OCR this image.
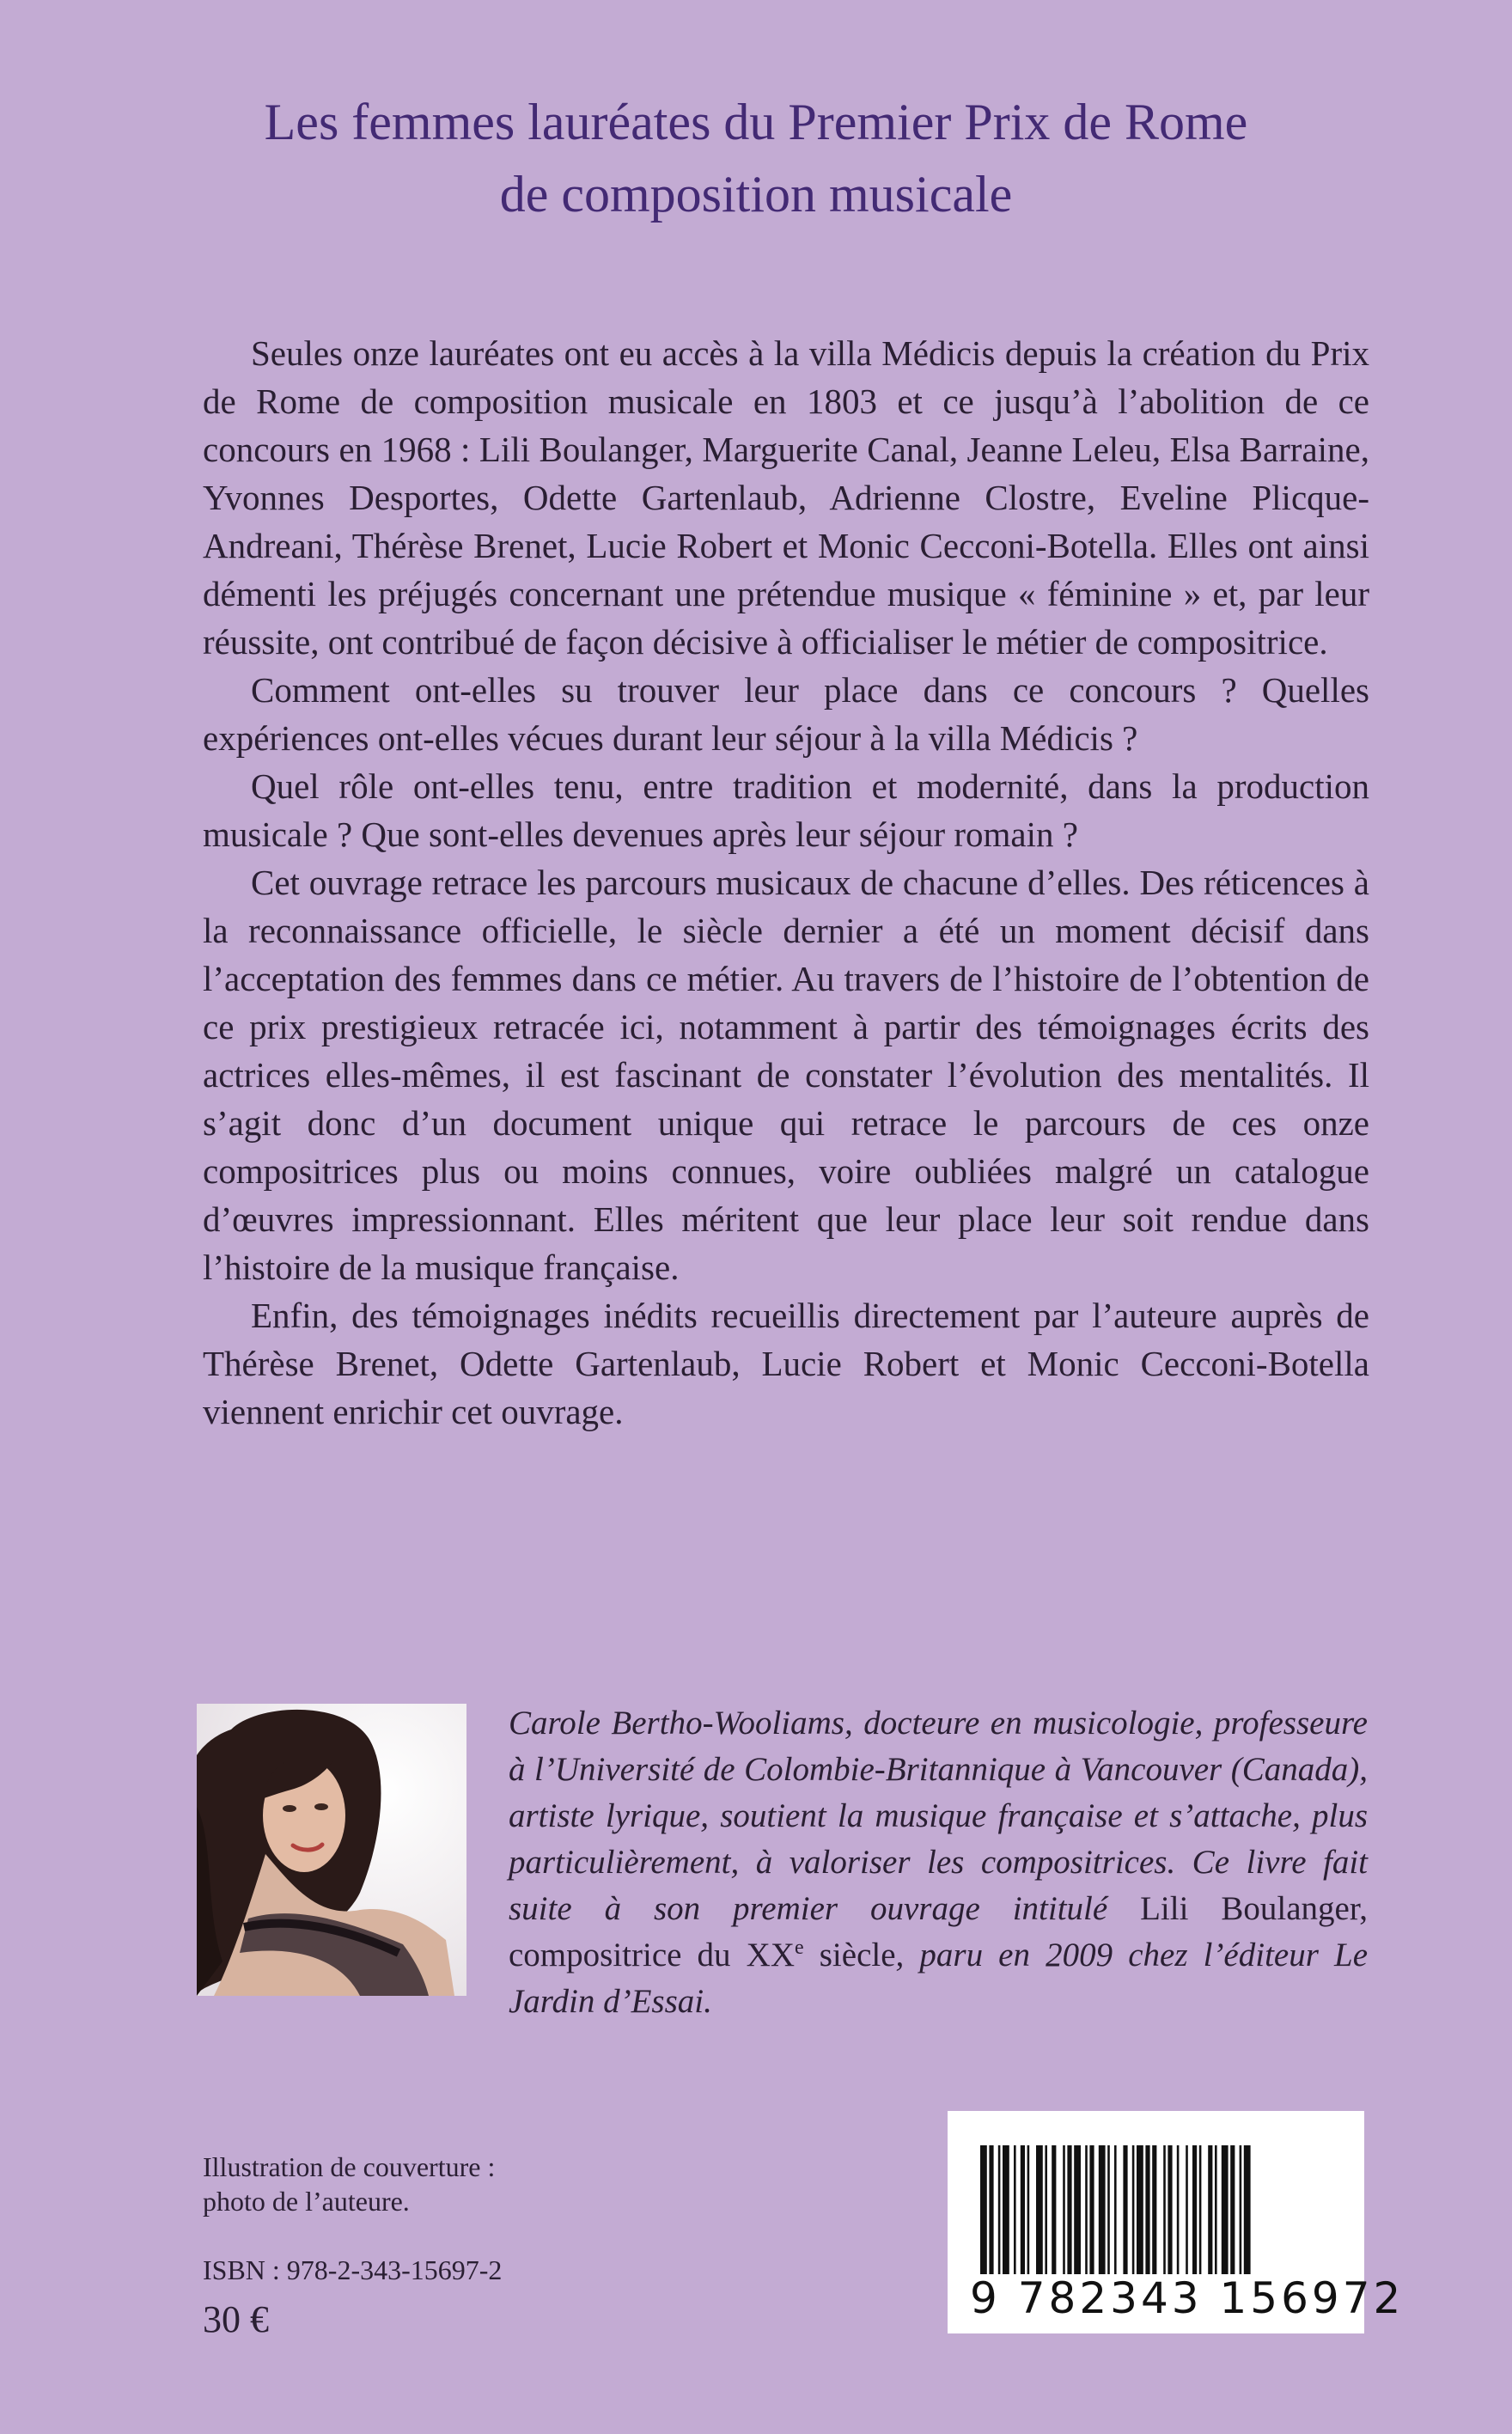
Les femmes lauréates du Premier Prix de Rome
de composition musicale

Seules onze lauréates ont eu accès à la villa Médicis depuis la création du Prix de Rome de composition musicale en 1803 et ce jusqu’à l’abolition de ce concours en 1968 : Lili Boulanger, Marguerite Canal, Jeanne Leleu, Elsa Barraine, Yvonnes Desportes, Odette Gartenlaub, Adrienne Clostre, Eveline Plicque-Andreani, Thérèse Brenet, Lucie Robert et Monic Cecconi-Botella. Elles ont ainsi démenti les préjugés concernant une prétendue musique « féminine » et, par leur réussite, ont contribué de façon décisive à officialiser le métier de compositrice.

Comment ont-elles su trouver leur place dans ce concours ? Quelles expériences ont-elles vécues durant leur séjour à la villa Médicis ?

Quel rôle ont-elles tenu, entre tradition et modernité, dans la production musicale ? Que sont-elles devenues après leur séjour romain ?

Cet ouvrage retrace les parcours musicaux de chacune d’elles. Des réticences à la reconnaissance officielle, le siècle dernier a été un moment décisif dans l’acceptation des femmes dans ce métier. Au travers de l’histoire de l’obtention de ce prix prestigieux retracée ici, notamment à partir des témoignages écrits des actrices elles-mêmes, il est fascinant de constater l’évolution des mentalités. Il s’agit donc d’un document unique qui retrace le parcours de ces onze compositrices plus ou moins connues, voire oubliées malgré un catalogue d’œuvres impressionnant. Elles méritent que leur place leur soit rendue dans l’histoire de la musique française.

Enfin, des témoignages inédits recueillis directement par l’auteure auprès de Thérèse Brenet, Odette Gartenlaub, Lucie Robert et Monic Cecconi-Botella viennent enrichir cet ouvrage.

Carole Bertho-Wooliams, docteure en musicologie, professeure à l’Université de Colombie-Britannique à Vancouver (Canada), artiste lyrique, soutient la musique française et s’attache, plus particulièrement, à valoriser les compositrices. Ce livre fait suite à son premier ouvrage intitulé Lili Boulanger, compositrice du XXe siècle, paru en 2009 chez l’éditeur Le Jardin d’Essai.
Illustration de couverture :
photo de l’auteure.
ISBN : 978-2-343-15697-2
30 €	9 782343 156972
